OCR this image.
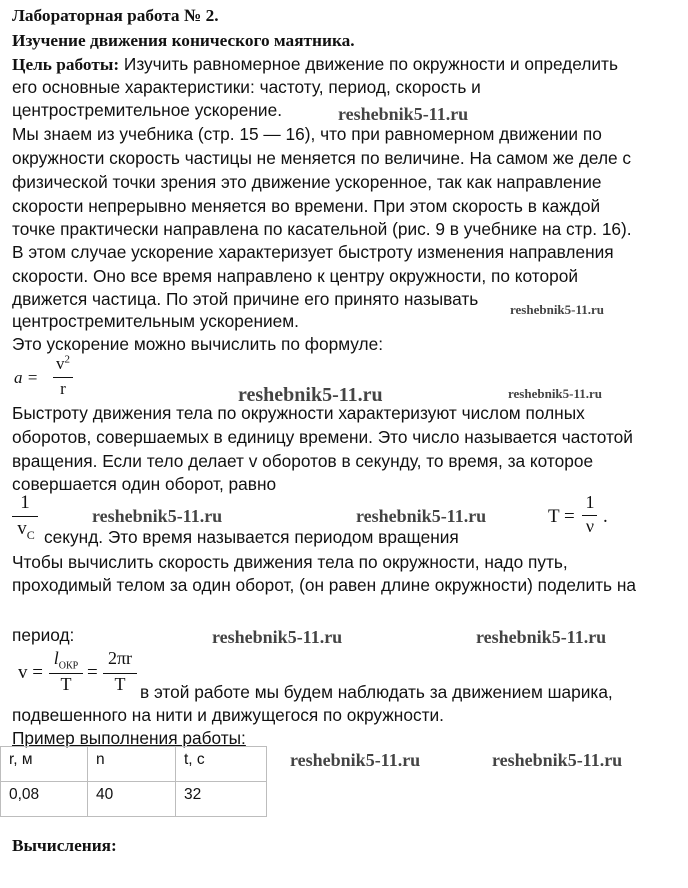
Лабораторная работа № 2.
Изучение движения конического маятника.
Цель работы: Изучить равномерное движение по окружности и определить
его основные характеристики: частоту, период, скорость и
центростремительное ускорение.
Мы знаем из учебника (стр. 15 — 16), что при равномерном движении по
окружности скорость частицы не меняется по величине. На самом же деле с
физической точки зрения это движение ускоренное, так как направление
скорости непрерывно меняется во времени. При этом скорость в каждой
точке практически направлена по касательной (рис. 9 в учебнике на стр. 16).
В этом случае ускорение характеризует быстроту изменения направления
скорости. Оно все время направлено к центру окружности, по которой
движется частица. По этой причине его принято называть
центростремительным ускорением.
Это ускорение можно вычислить по формуле:
a =
$v^2$
r
Быстроту движения тела по окружности характеризуют числом полных
оборотов, совершаемых в единицу времени. Это число называется частотой
вращения. Если тело делает v оборотов в секунду, то время, за которое
совершается один оборот, равно
1
$v_C$ секунд. Это время называется периодом вращения
T =
1
ν .
Чтобы вычислить скорость движения тела по окружности, надо путь,
проходимый телом за один оборот, (он равен длине окружности) поделить на
период:
v =
$l_{ОКР}$
T
=
2πr
T в этой работе мы будем наблюдать за движением шарика,
подвешенного на нити и движущегося по окружности.
Пример выполнения работы:
r, м	n	t, с
0,08	40	32
Вычисления:
reshebnik5-11.ru
reshebnik5-11.ru
reshebnik5-11.ru	reshebnik5-11.ru
reshebnik5-11.ru	reshebnik5-11.ru
reshebnik5-11.ru	reshebnik5-11.ru
reshebnik5-11.ru	reshebnik5-11.ru
